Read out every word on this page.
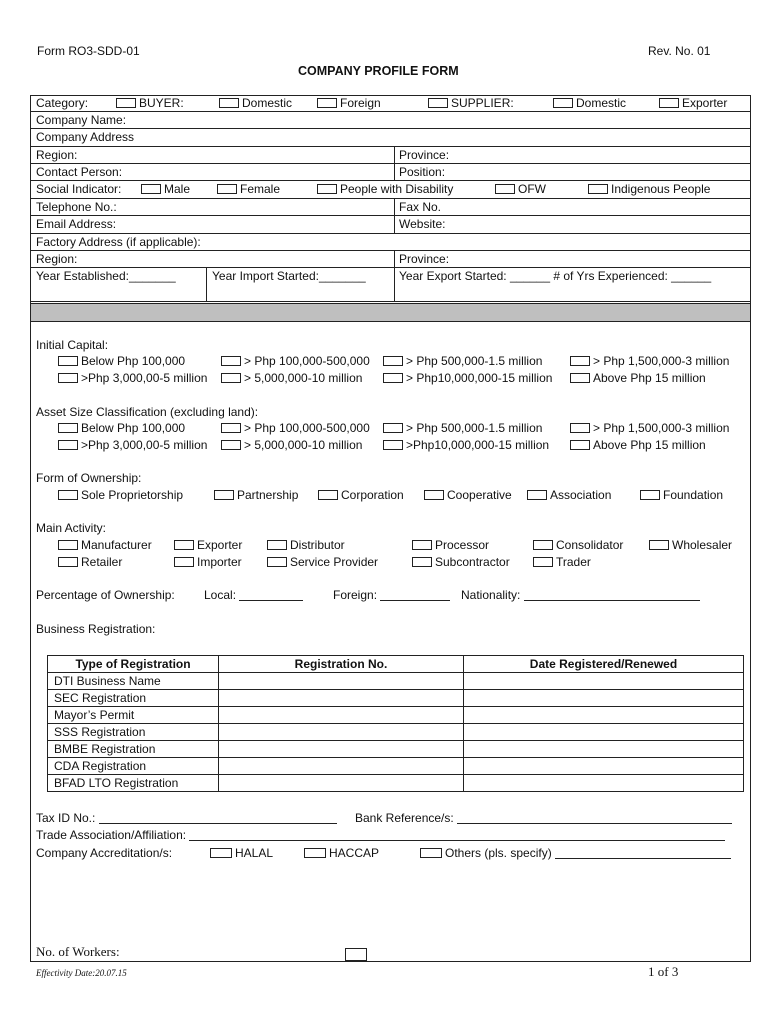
Form RO3-SDD-01	Rev. No. 01
COMPANY PROFILE FORM
Category:	BUYER:	Domestic	Foreign	SUPPLIER:	Domestic	Exporter
Company Name:
Company Address
Region:	Province:
Contact Person:	Position:
Social Indicator:	Male	Female	People with Disability	OFW	Indigenous People
Telephone No.:	Fax No.
Email Address:	Website:
Factory Address (if applicable):
Region:	Province:
Year Established:_______	Year Import Started:_______	Year Export Started: ______ # of Yrs Experienced: ______
Initial Capital:
Below Php 100,000	> Php 100,000-500,000	> Php 500,000-1.5 million	> Php 1,500,000-3 million
>Php 3,000,00-5 million	> 5,000,000-10 million	> Php10,000,000-15 million	Above Php 15 million
Asset Size Classification (excluding land):
Below Php 100,000	> Php 100,000-500,000	> Php 500,000-1.5 million	> Php 1,500,000-3 million
>Php 3,000,00-5 million	> 5,000,000-10 million	>Php10,000,000-15 million	Above Php 15 million
Form of Ownership:
Sole Proprietorship	Partnership	Corporation	Cooperative	Association	Foundation
Main Activity:
Manufacturer	Exporter	Distributor	Processor	Consolidator	Wholesaler
Retailer	Importer	Service Provider	Subcontractor	Trader
Percentage of Ownership: Local:	Foreign:	Nationality:
Business Registration:
Type of Registration	Registration No.	Date Registered/Renewed
DTI Business Name		
SEC Registration		
Mayor’s Permit		
SSS Registration		
BMBE Registration		
CDA Registration		
BFAD LTO Registration		
Tax ID No.:	Bank Reference/s:
Trade Association/Affiliation:
Company Accreditation/s:	HALAL	HACCAP	Others (pls. specify)
No. of Workers:
Effectivity Date:20.07.15	1 of 3
